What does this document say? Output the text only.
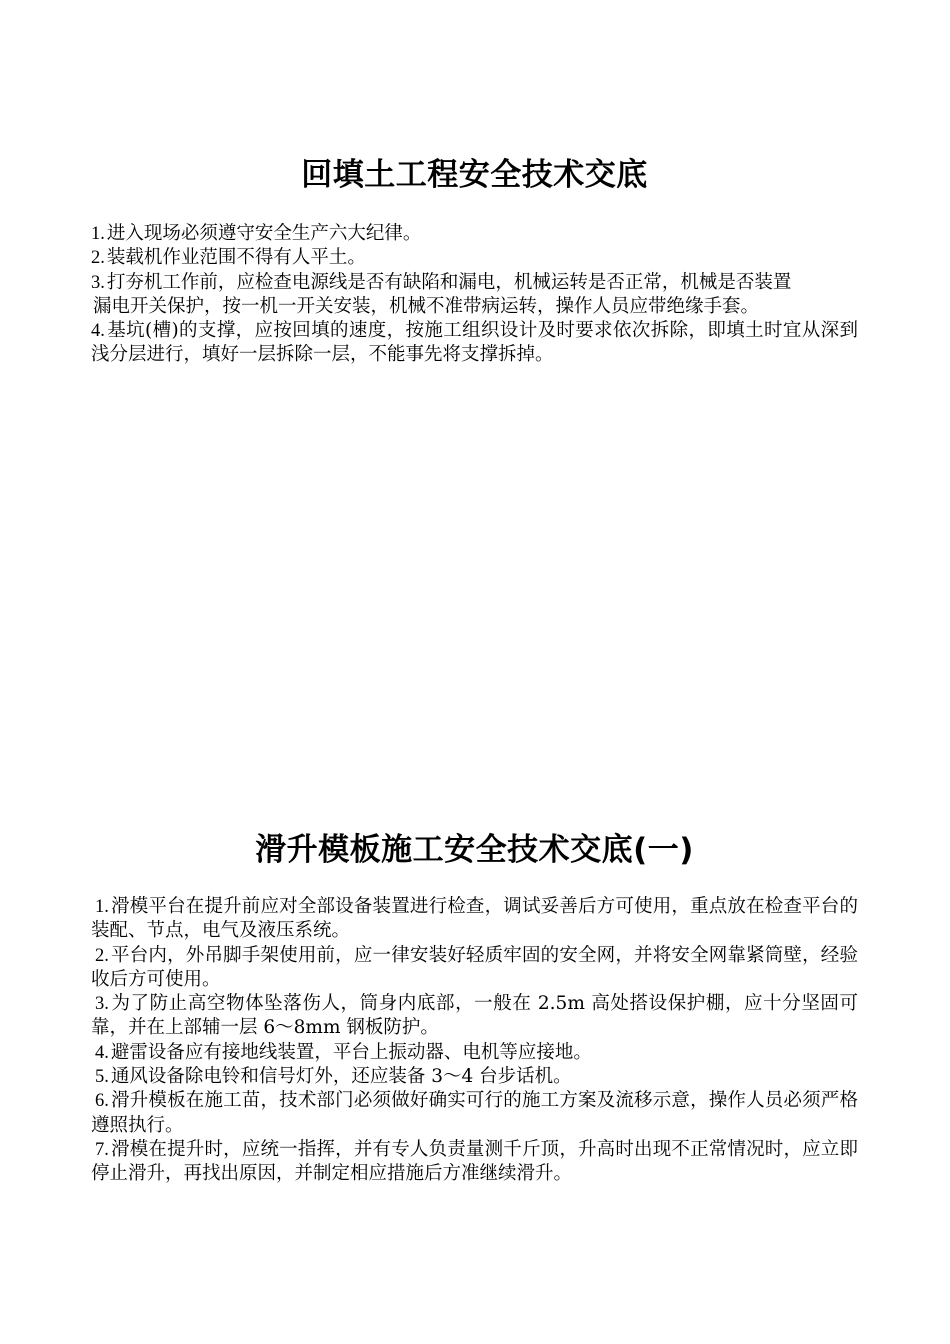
回填土工程安全技术交底
1. 进入现场必须遵守安全生产六大纪律。
2. 装载机作业范围不得有人平土。
3. 打夯机工作前，应检查电源线是否有缺陷和漏电，机械运转是否正常，机械是否装置
漏电开关保护，按一机一开关安装，机械不准带病运转，操作人员应带绝缘手套。
4. 基坑(槽)的支撑，应按回填的速度，按施工组织设计及时要求依次拆除，即填土时宜从深到浅分层进行，填好一层拆除一层，不能事先将支撑拆掉。
滑升模板施工安全技术交底(一)
1. 滑模平台在提升前应对全部设备装置进行检查，调试妥善后方可使用，重点放在检查平台的装配、节点，电气及液压系统。
2. 平台内，外吊脚手架使用前，应一律安装好轻质牢固的安全网，并将安全网靠紧筒壁，经验收后方可使用。
3. 为了防止高空物体坠落伤人，筒身内底部，一般在 2.5m 高处搭设保护棚，应十分坚固可靠，并在上部辅一层 6～8mm 钢板防护。
4. 避雷设备应有接地线装置，平台上振动器、电机等应接地。
5. 通风设备除电铃和信号灯外，还应装备 3～4 台步话机。
6. 滑升模板在施工苗，技术部门必须做好确实可行的施工方案及流移示意，操作人员必须严格遵照执行。
7. 滑模在提升时，应统一指挥，并有专人负责量测千斤顶，升高时出现不正常情况时，应立即停止滑升，再找出原因，并制定相应措施后方准继续滑升。
